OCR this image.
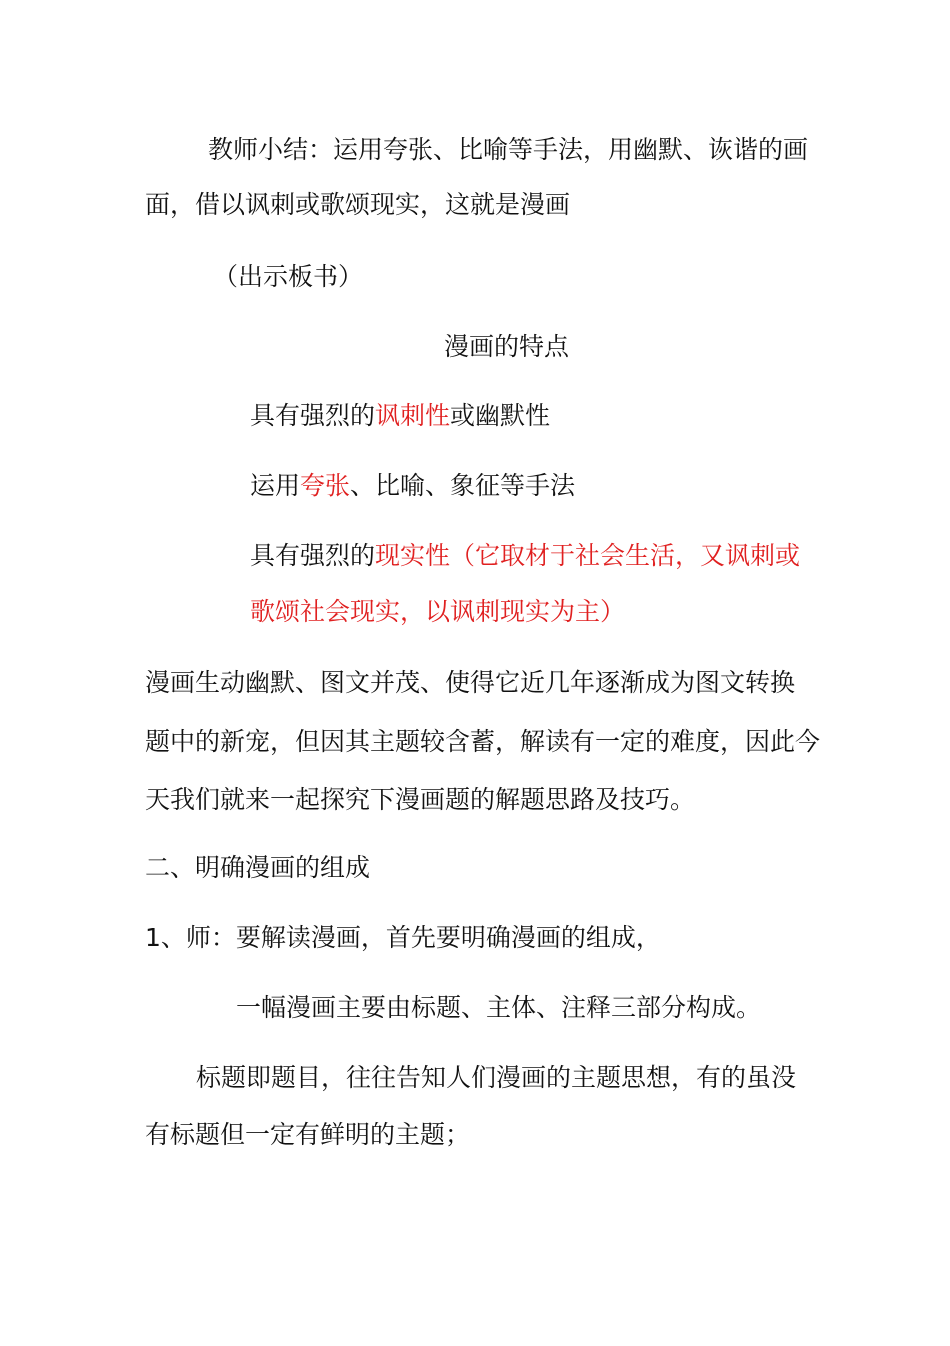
教师小结：运用夸张、比喻等手法，用幽默、诙谐的画

面，借以讽刺或歌颂现实，这就是漫画

（出示板书）

漫画的特点

具有强烈的讽刺性或幽默性

运用夸张、比喻、象征等手法

具有强烈的现实性（它取材于社会生活，又讽刺或

歌颂社会现实，以讽刺现实为主）

漫画生动幽默、图文并茂、使得它近几年逐渐成为图文转换

题中的新宠，但因其主题较含蓄，解读有一定的难度，因此今

天我们就来一起探究下漫画题的解题思路及技巧。

二、明确漫画的组成

1、师：要解读漫画，首先要明确漫画的组成，

一幅漫画主要由标题、主体、注释三部分构成。

标题即题目，往往告知人们漫画的主题思想，有的虽没

有标题但一定有鲜明的主题；
